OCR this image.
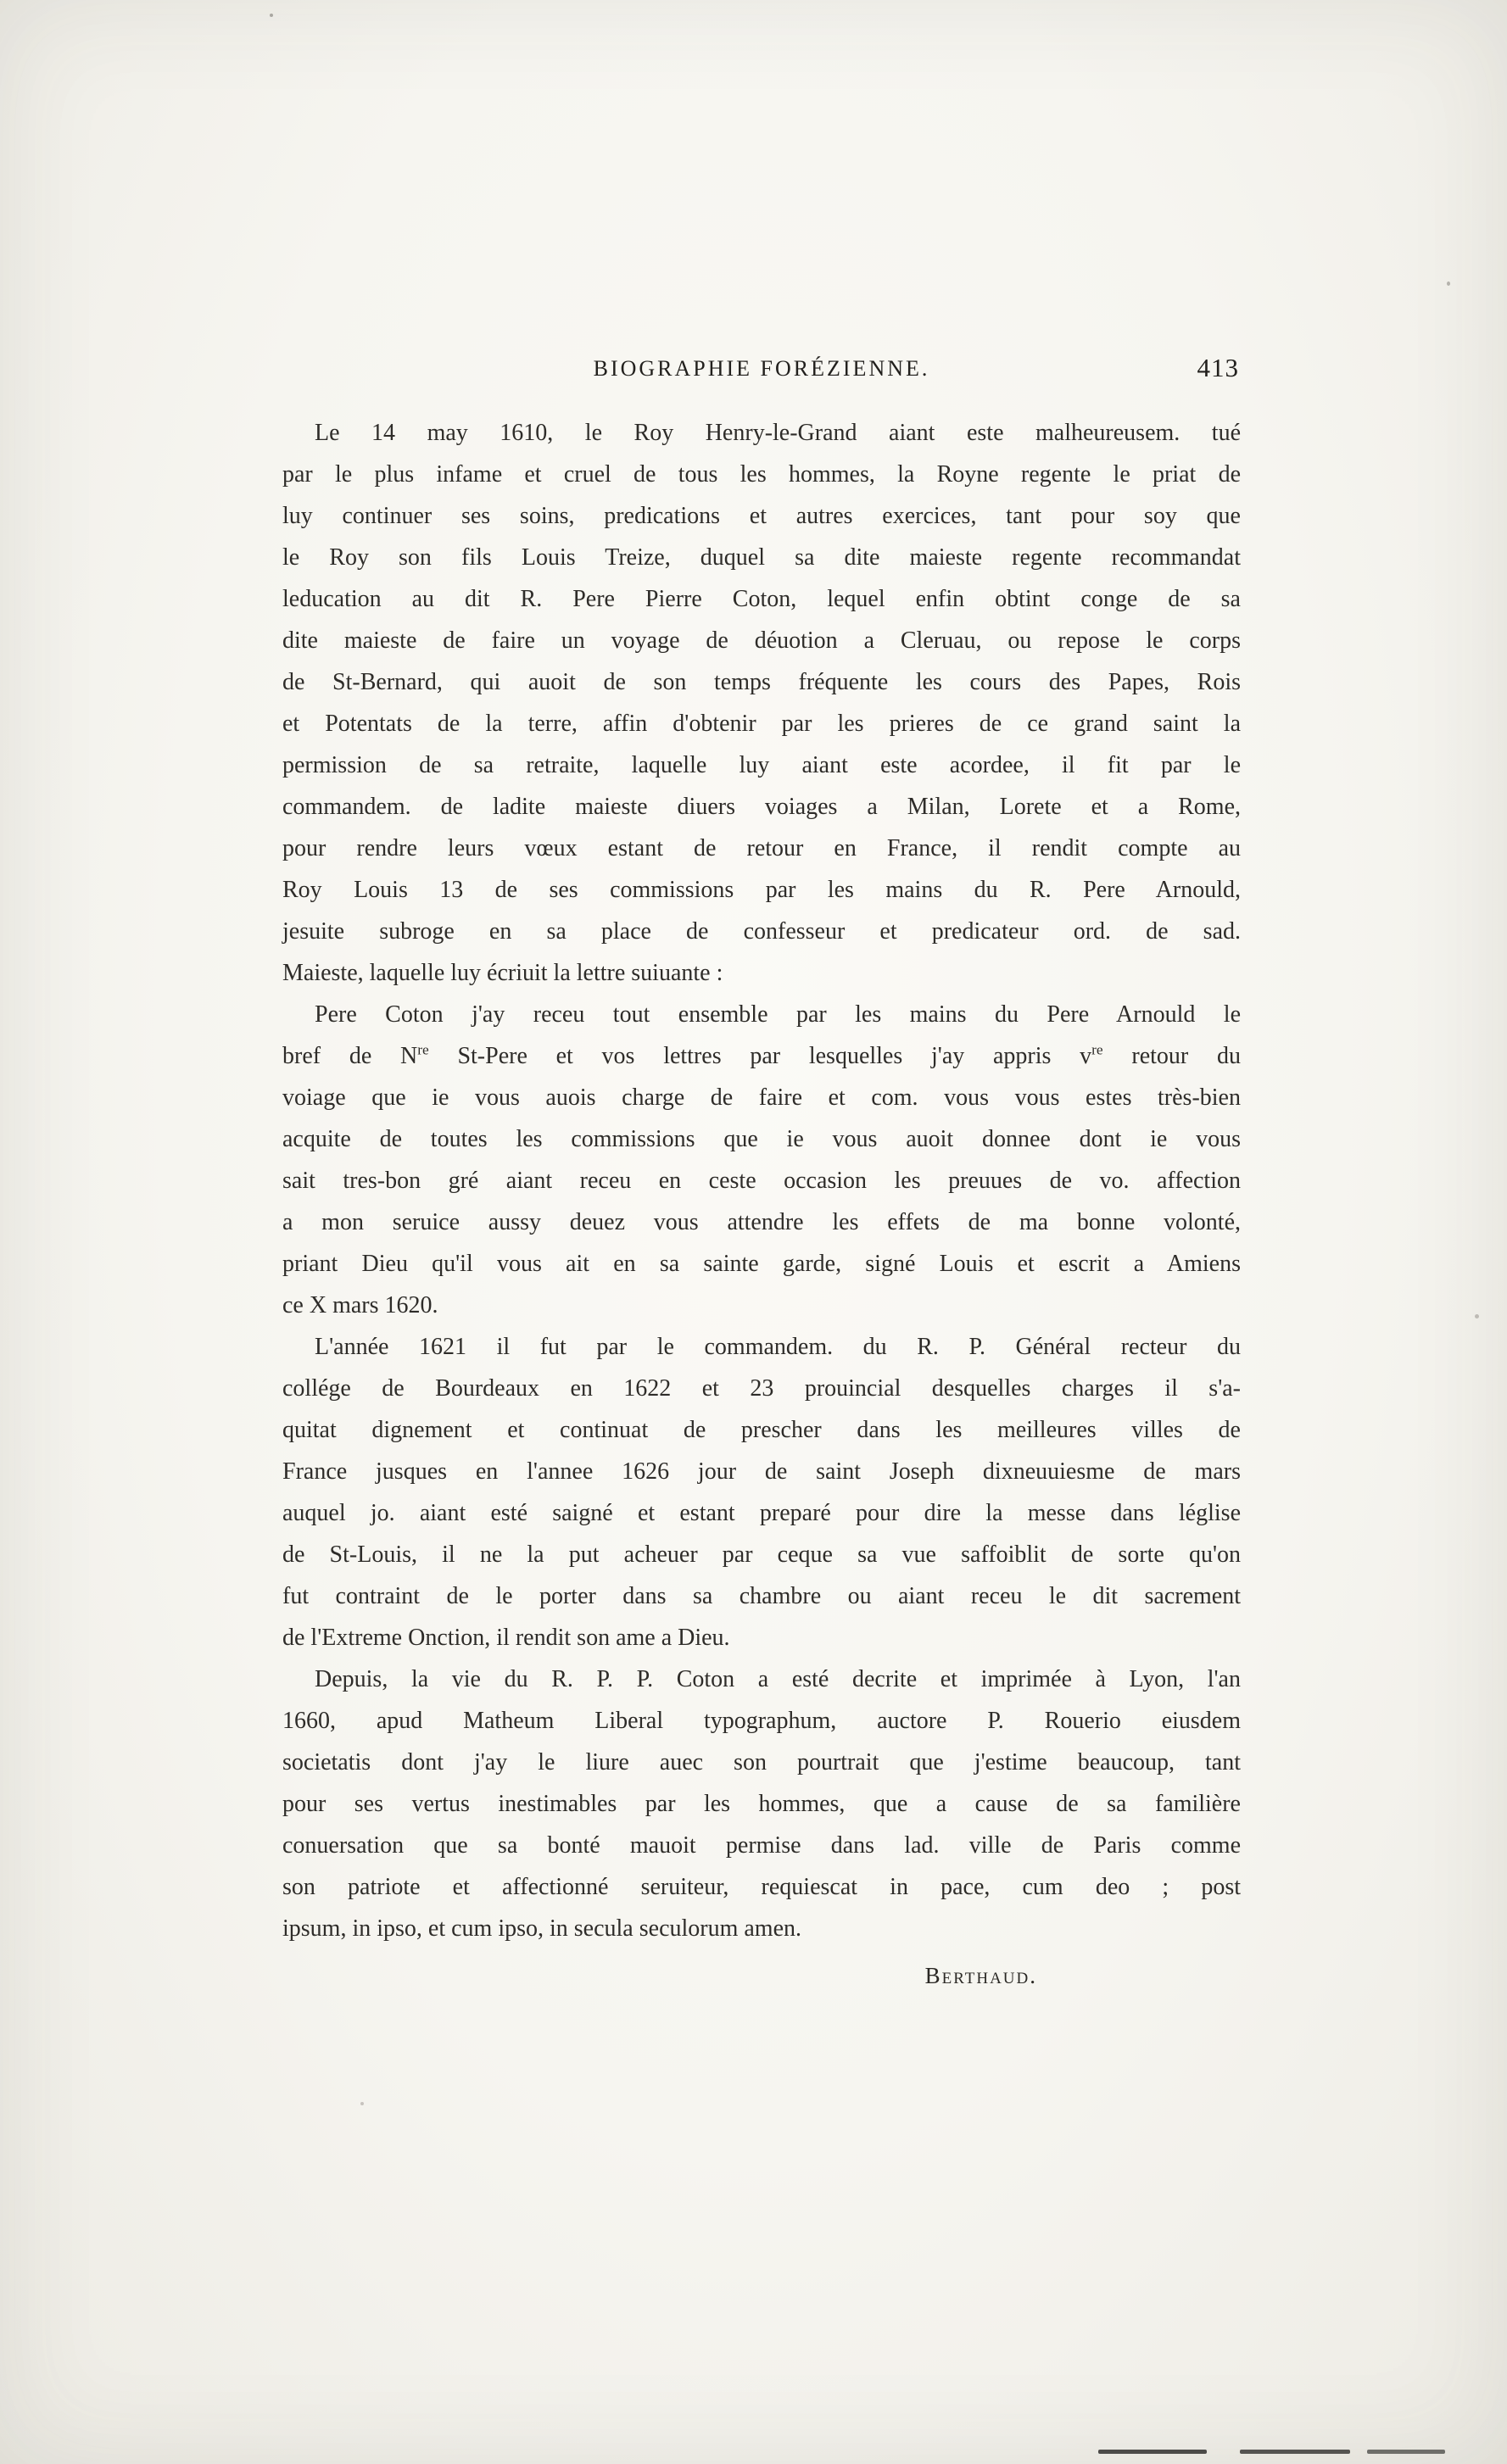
BIOGRAPHIE FORÉZIENNE.	413

Le 14 may 1610, le Roy Henry-le-Grand aiant este malheureusem. tué
par le plus infame et cruel de tous les hommes, la Royne regente le priat de
luy continuer ses soins, predications et autres exercices, tant pour soy que
le Roy son fils Louis Treize, duquel sa dite maieste regente recommandat
leducation au dit R. Pere Pierre Coton, lequel enfin obtint conge de sa
dite maieste de faire un voyage de déuotion a Cleruau, ou repose le corps
de St-Bernard, qui auoit de son temps fréquente les cours des Papes, Rois
et Potentats de la terre, affin d'obtenir par les prieres de ce grand saint la
permission de sa retraite, laquelle luy aiant este acordee, il fit par le
commandem. de ladite maieste diuers voiages a Milan, Lorete et a Rome,
pour rendre leurs vœux estant de retour en France, il rendit compte au
Roy Louis 13 de ses commissions par les mains du R. Pere Arnould,
jesuite subroge en sa place de confesseur et predicateur ord. de sad.
Maieste, laquelle luy écriuit la lettre suiuante :

Pere Coton j'ay receu tout ensemble par les mains du Pere Arnould le
bref de $N^{re}$ St-Pere et vos lettres par lesquelles j'ay appris $v^{re}$ retour du
voiage que ie vous auois charge de faire et com. vous vous estes très-bien
acquite de toutes les commissions que ie vous auoit donnee dont ie vous
sait tres-bon gré aiant receu en ceste occasion les preuues de vo. affection
a mon seruice aussy deuez vous attendre les effets de ma bonne volonté,
priant Dieu qu'il vous ait en sa sainte garde, signé Louis et escrit a Amiens
ce X mars 1620.

L'année 1621 il fut par le commandem. du R. P. Général recteur du
collége de Bourdeaux en 1622 et 23 prouincial desquelles charges il s'a-
quitat dignement et continuat de prescher dans les meilleures villes de
France jusques en l'annee 1626 jour de saint Joseph dixneuuiesme de mars
auquel jo. aiant esté saigné et estant preparé pour dire la messe dans léglise
de St-Louis, il ne la put acheuer par ceque sa vue saffoiblit de sorte qu'on
fut contraint de le porter dans sa chambre ou aiant receu le dit sacrement
de l'Extreme Onction, il rendit son ame a Dieu.

Depuis, la vie du R. P. P. Coton a esté decrite et imprimée à Lyon, l'an
1660, apud Matheum Liberal typographum, auctore P. Rouerio eiusdem
societatis dont j'ay le liure auec son pourtrait que j'estime beaucoup, tant
pour ses vertus inestimables par les hommes, que a cause de sa familière
conuersation que sa bonté mauoit permise dans lad. ville de Paris comme
son patriote et affectionné seruiteur, requiescat in pace, cum deo ; post
ipsum, in ipso, et cum ipso, in secula seculorum amen.

Berthaud.
